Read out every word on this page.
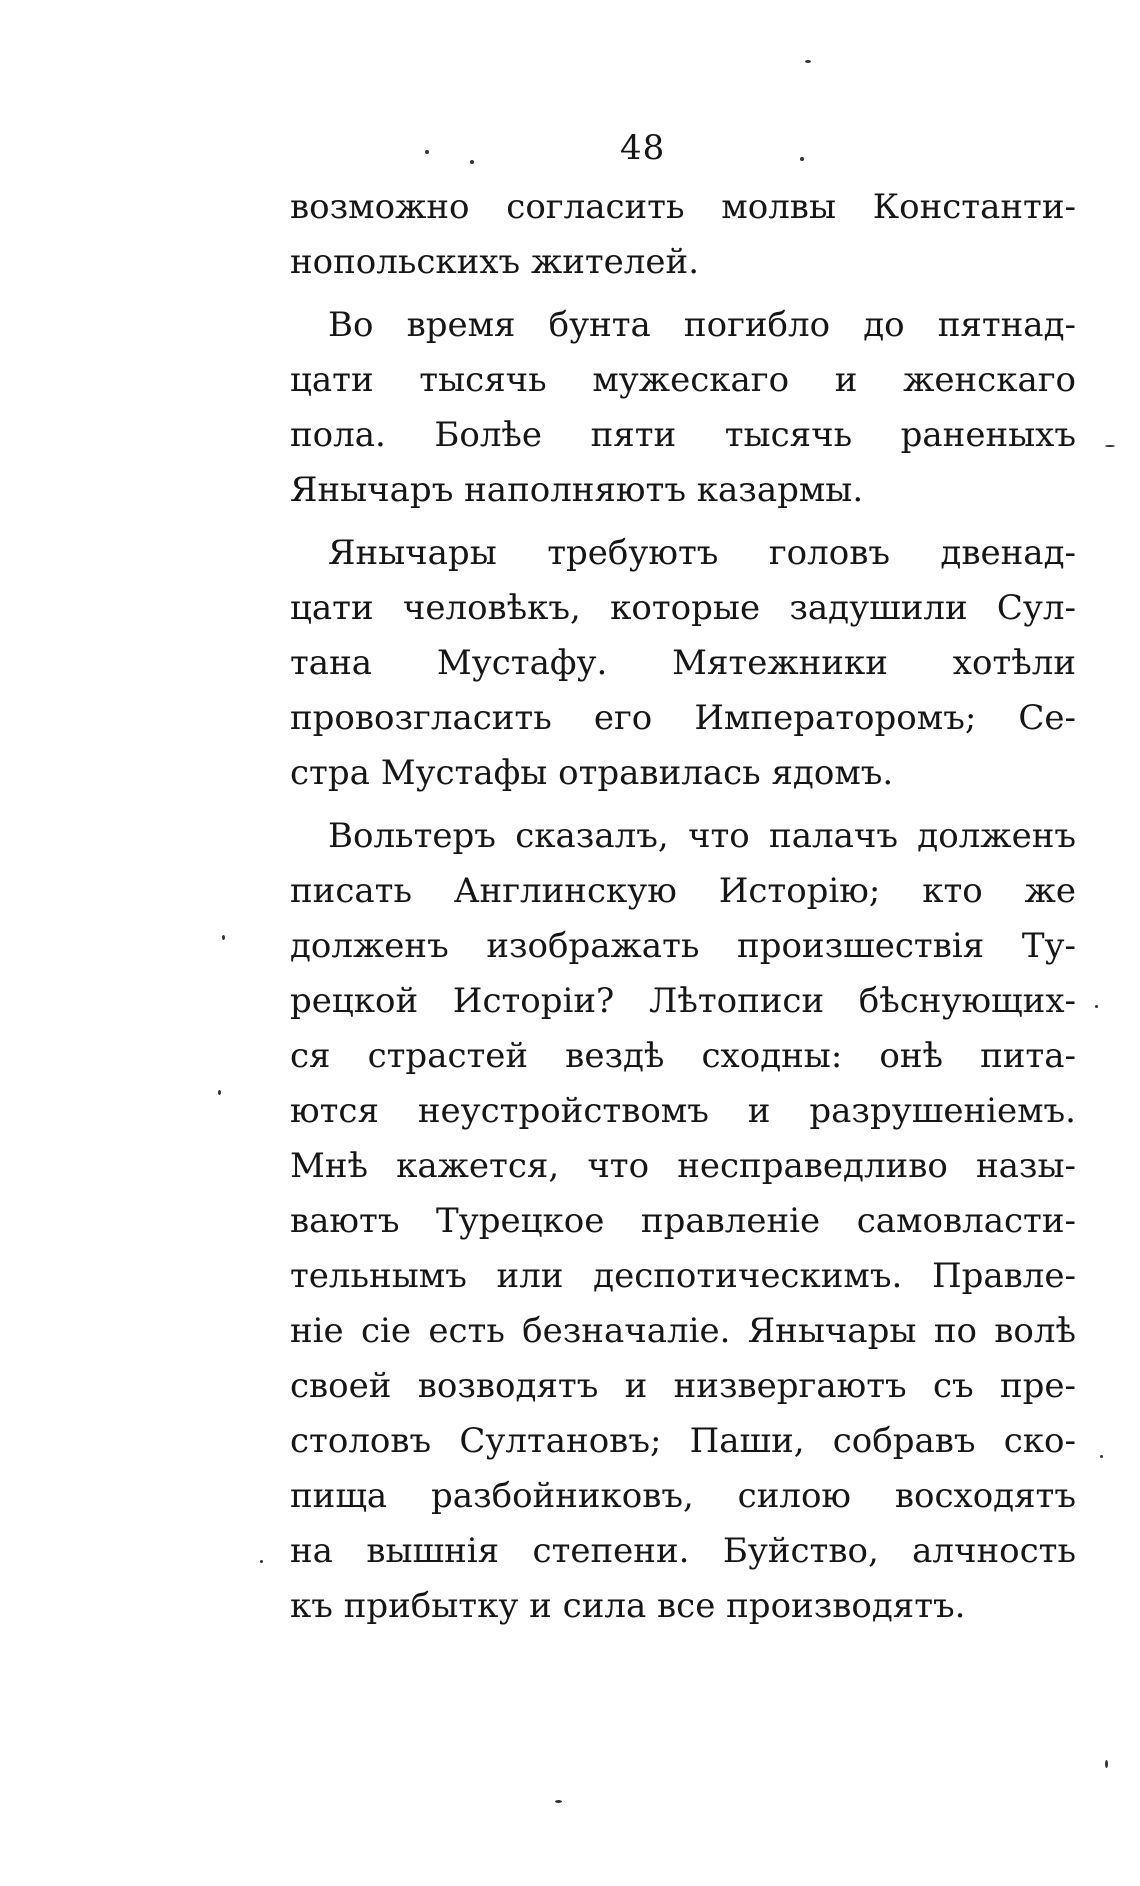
48
возможно согласить молвы Константи-
нопольскихъ жителей.
Во время бунта погибло до пятнад-
цати тысячь мужескаго и женскаго
пола. Болѣе пяти тысячь раненыхъ
Янычаръ наполняютъ казармы.
Янычары требуютъ головъ двенад-
цати человѣкъ, которые задушили Сул-
тана Мустафу. Мятежники хотѣли
провозгласить его Императоромъ; Се-
стра Мустафы отравилась ядомъ.
Вольтеръ сказалъ, что палачъ долженъ
писать Англинскую Исторію; кто же
долженъ изображать произшествія Ту-
рецкой Исторіи? Лѣтописи бѣснующих-
ся страстей вездѣ сходны: онѣ пита-
ются неустройствомъ и разрушеніемъ.
Мнѣ кажется, что несправедливо назы-
ваютъ Турецкое правленіе самовласти-
тельнымъ или деспотическимъ. Правле-
ніе сіе есть безначаліе. Янычары по волѣ
своей возводятъ и низвергаютъ съ пре-
столовъ Султановъ; Паши, собравъ ско-
пища разбойниковъ, силою восходятъ
на вышнія степени. Буйство, алчность
къ прибытку и сила все производятъ.
